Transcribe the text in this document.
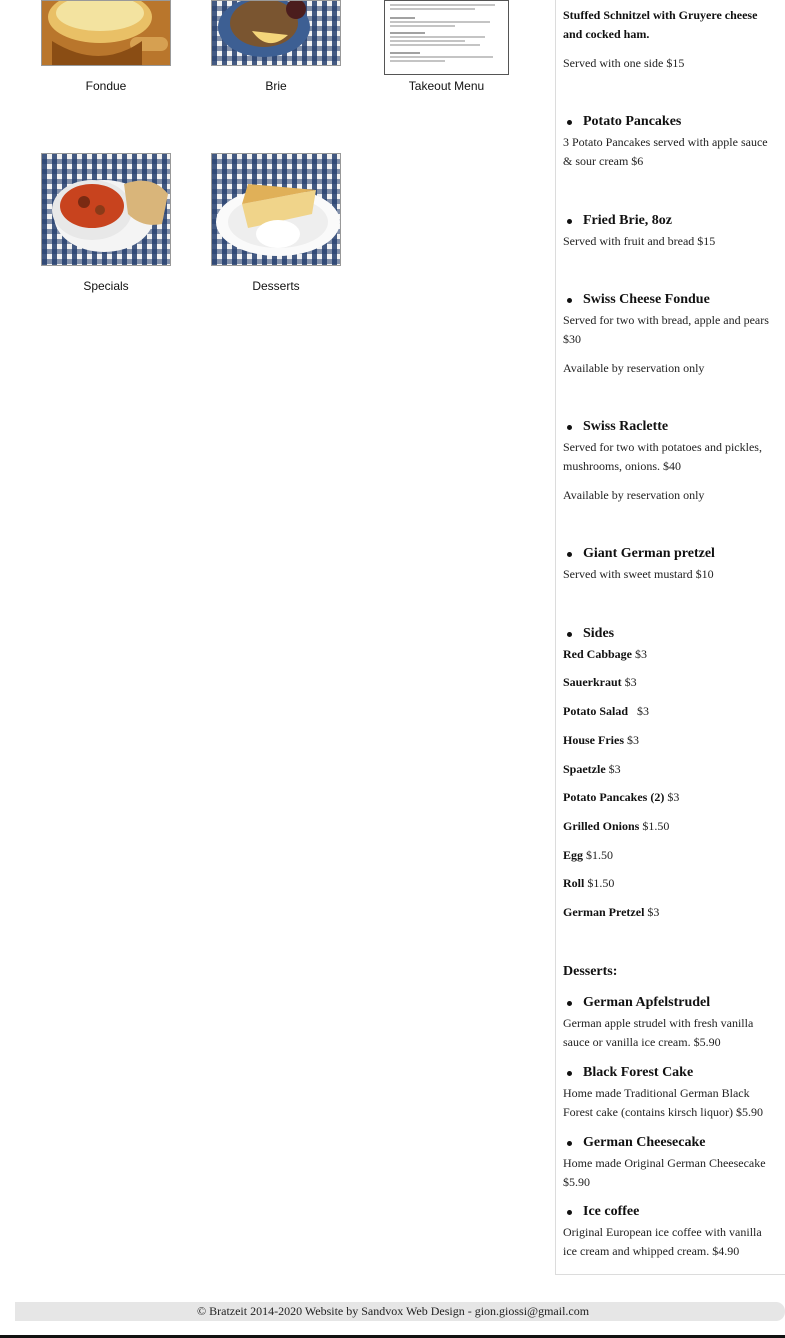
Fondue	Brie	Takeout Menu
Specials	Desserts
Stuffed Schnitzel with Gruyere cheese and cocked ham.
Served with one side $15
Potato Pancakes
3 Potato Pancakes served with apple sauce & sour cream $6
Fried Brie, 8oz
Served with fruit and bread $15
Swiss Cheese Fondue
Served for two with bread, apple and pears $30
Available by reservation only
Swiss Raclette
Served for two with potatoes and pickles, mushrooms, onions. $40
Available by reservation only
Giant German pretzel
Served with sweet mustard $10
Sides
Red Cabbage $3
Sauerkraut $3
Potato Salad   $3
House Fries $3
Spaetzle $3
Potato Pancakes (2) $3
Grilled Onions $1.50
Egg $1.50
Roll $1.50
German Pretzel $3
Desserts:
German Apfelstrudel
German apple strudel with fresh vanilla sauce or vanilla ice cream. $5.90
Black Forest Cake
Home made Traditional German Black Forest cake (contains kirsch liquor) $5.90
German Cheesecake
Home made Original German Cheesecake $5.90
Ice coffee
Original European ice coffee with vanilla ice cream and whipped cream. $4.90
© Bratzeit 2014-2020 Website by Sandvox Web Design - gion.giossi@gmail.com
